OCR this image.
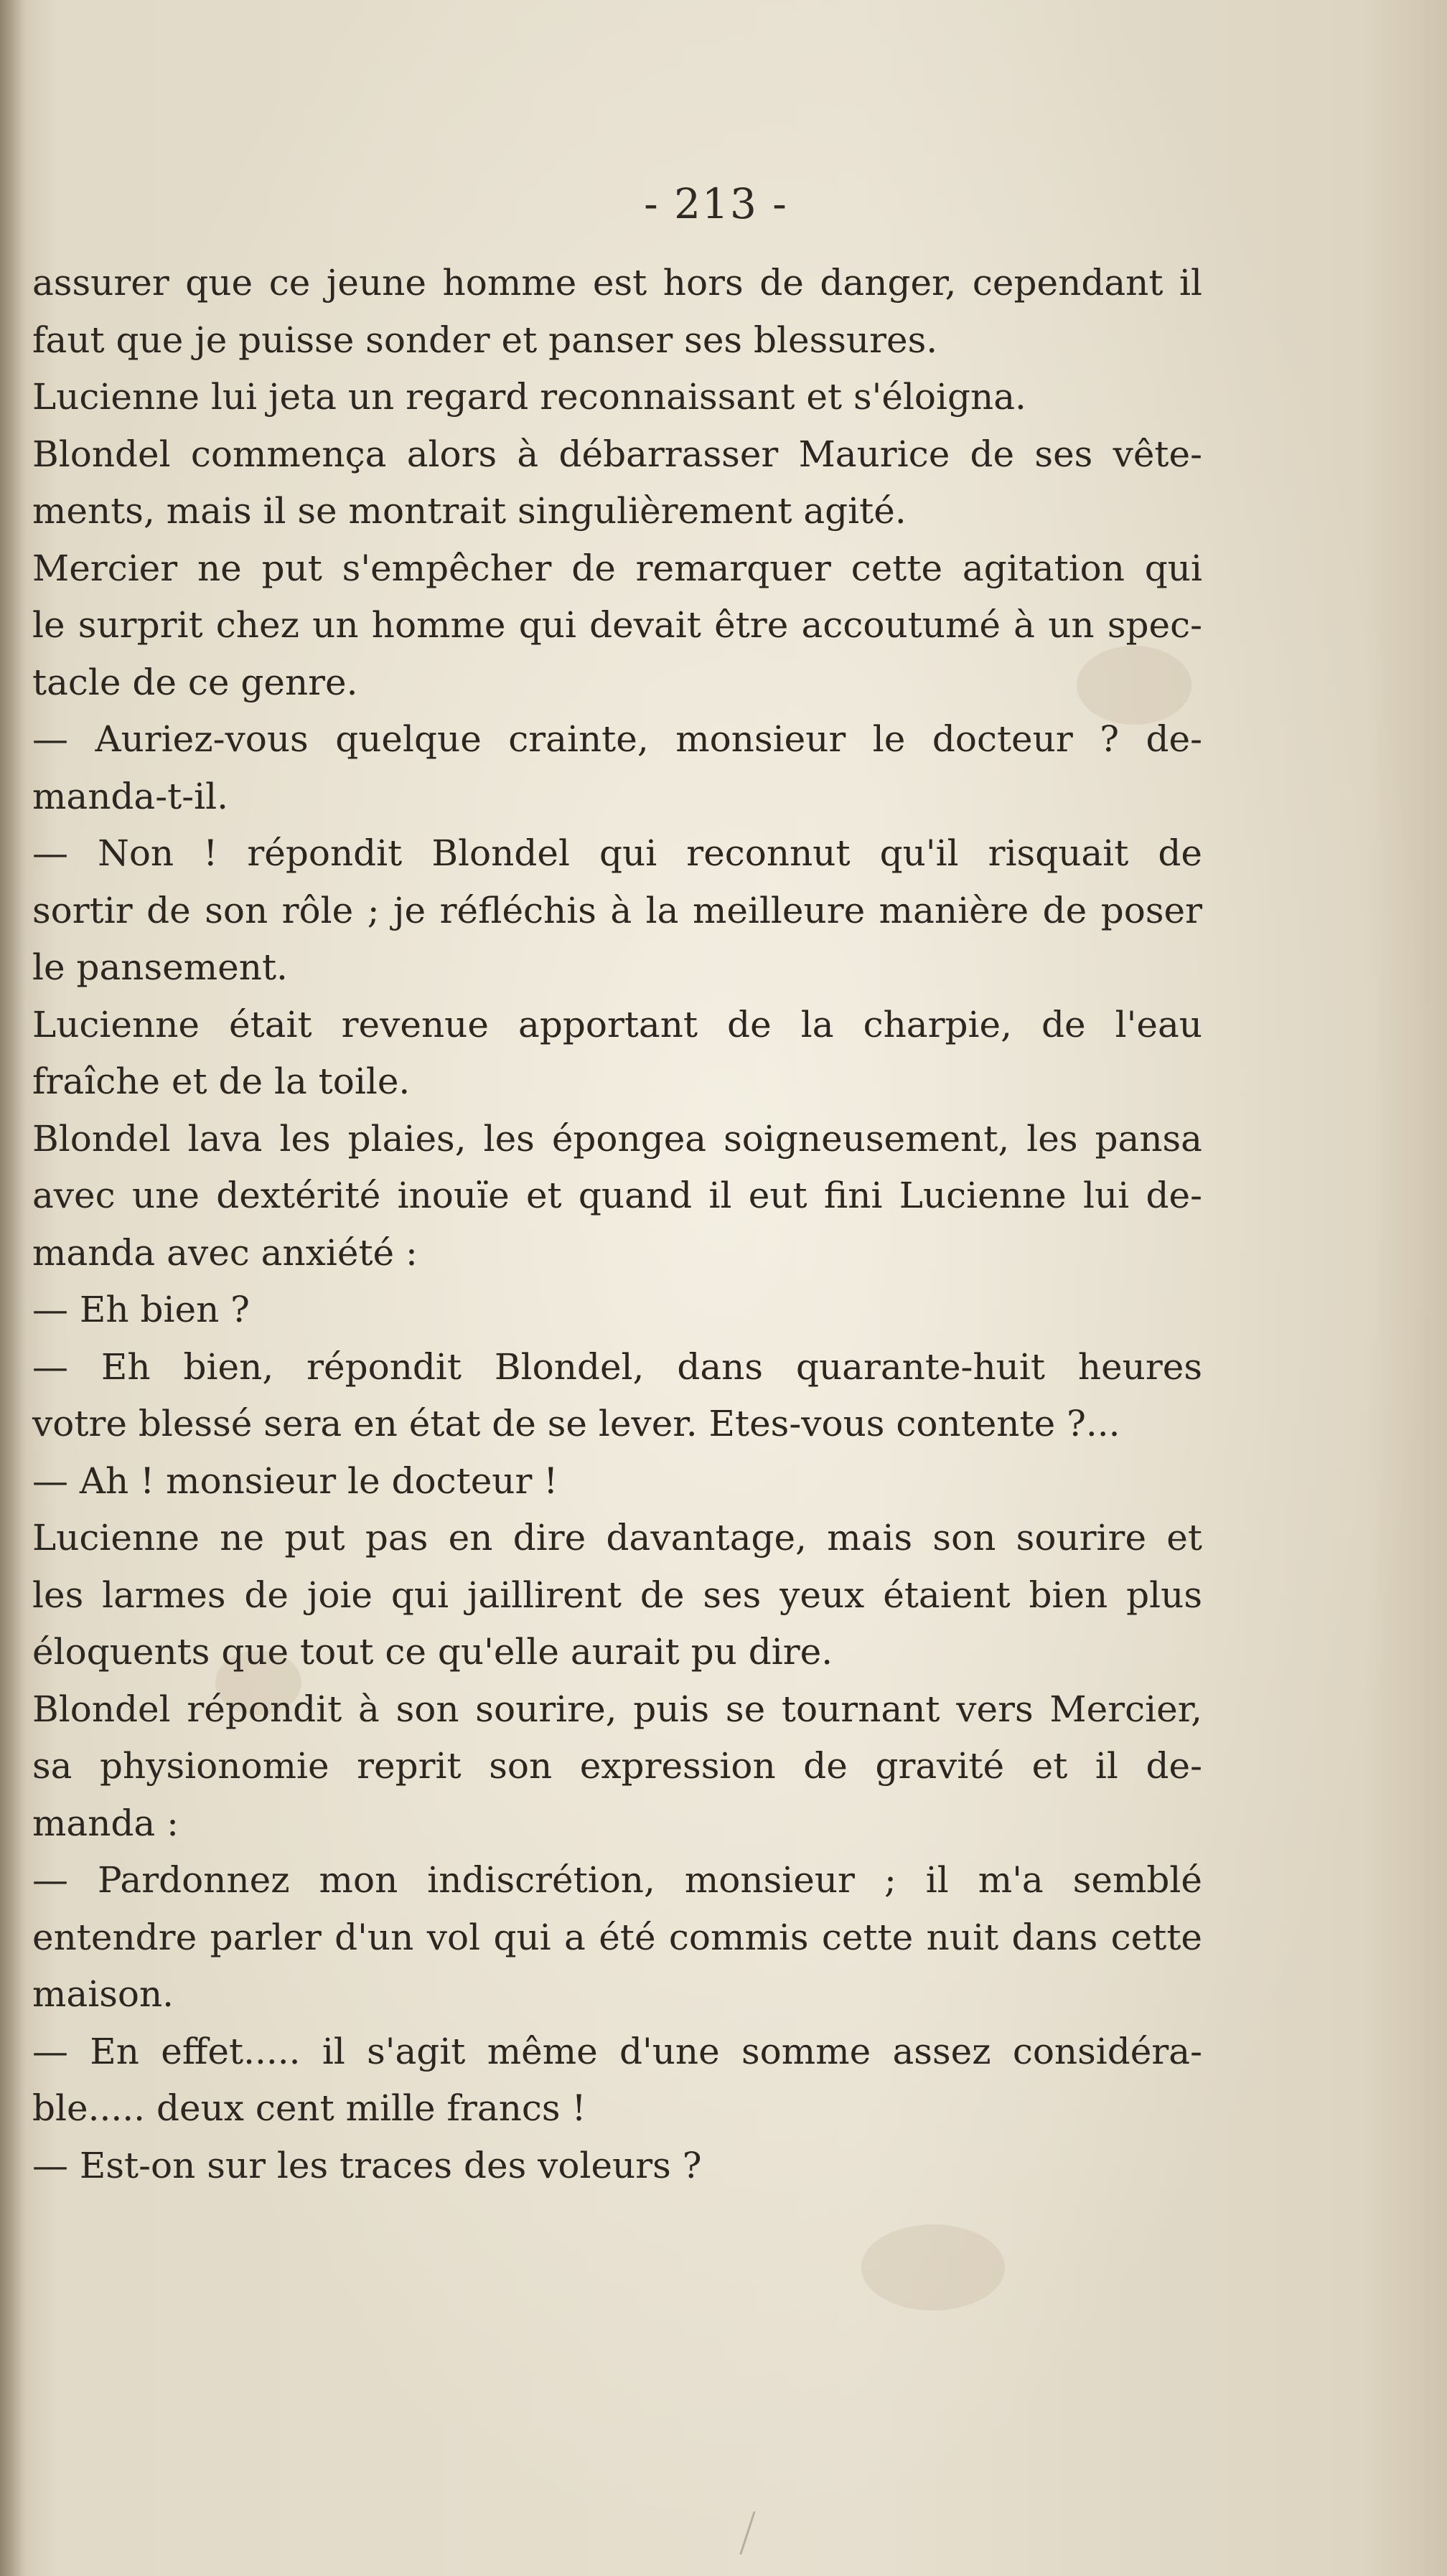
- 213 -

assurer que ce jeune homme est hors de danger, cependant il
faut que je puisse sonder et panser ses blessures.
Lucienne lui jeta un regard reconnaissant et s'éloigna.
Blondel commença alors à débarrasser Maurice de ses vête-
ments, mais il se montrait singulièrement agité.
Mercier ne put s'empêcher de remarquer cette agitation qui
le surprit chez un homme qui devait être accoutumé à un spec-
tacle de ce genre.
— Auriez-vous quelque crainte, monsieur le docteur ? de-
manda-t-il.
— Non ! répondit Blondel qui reconnut qu'il risquait de
sortir de son rôle ; je réfléchis à la meilleure manière de poser
le pansement.
Lucienne était revenue apportant de la charpie, de l'eau
fraîche et de la toile.
Blondel lava les plaies, les épongea soigneusement, les pansa
avec une dextérité inouïe et quand il eut fini Lucienne lui de-
manda avec anxiété :
— Eh bien ?
— Eh bien, répondit Blondel, dans quarante-huit heures
votre blessé sera en état de se lever. Etes-vous contente ?...
— Ah ! monsieur le docteur !
Lucienne ne put pas en dire davantage, mais son sourire et
les larmes de joie qui jaillirent de ses yeux étaient bien plus
éloquents que tout ce qu'elle aurait pu dire.
Blondel répondit à son sourire, puis se tournant vers Mercier,
sa physionomie reprit son expression de gravité et il de-
manda :
— Pardonnez mon indiscrétion, monsieur ; il m'a semblé
entendre parler d'un vol qui a été commis cette nuit dans cette
maison.
— En effet..... il s'agit même d'une somme assez considéra-
ble..... deux cent mille francs !
— Est-on sur les traces des voleurs ?
